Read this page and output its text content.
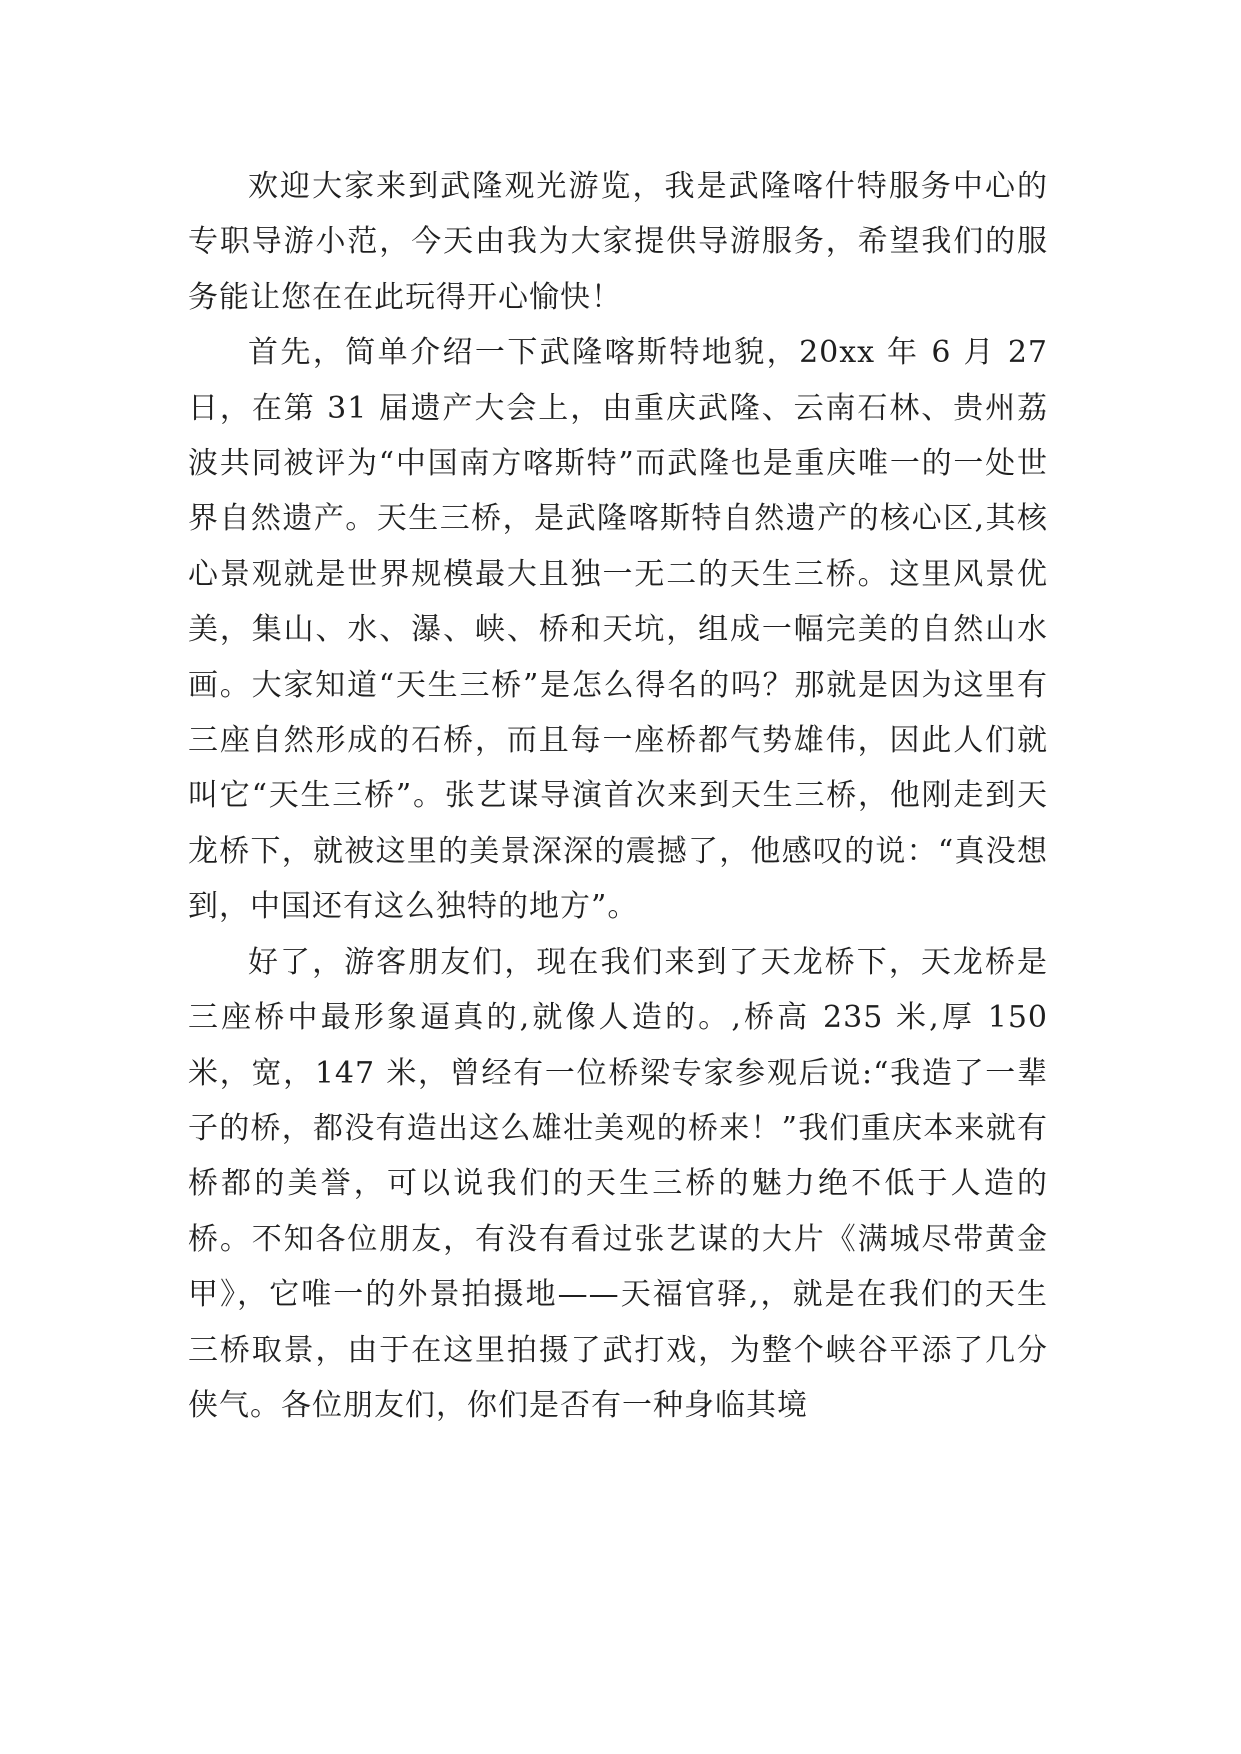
欢迎大家来到武隆观光游览，我是武隆喀什特服务中心的专职导游小范，今天由我为大家提供导游服务，希望我们的服务能让您在在此玩得开心愉快！

首先，简单介绍一下武隆喀斯特地貌，20xx 年 6 月 27 日，在第 31 届遗产大会上，由重庆武隆、云南石林、贵州荔波共同被评为“中国南方喀斯特”而武隆也是重庆唯一的一处世界自然遗产。天生三桥，是武隆喀斯特自然遗产的核心区,其核心景观就是世界规模最大且独一无二的天生三桥。这里风景优美，集山、水、瀑、峡、桥和天坑，组成一幅完美的自然山水画。大家知道“天生三桥”是怎么得名的吗？那就是因为这里有三座自然形成的石桥，而且每一座桥都气势雄伟，因此人们就叫它“天生三桥”。张艺谋导演首次来到天生三桥，他刚走到天龙桥下，就被这里的美景深深的震撼了，他感叹的说：“真没想到，中国还有这么独特的地方”。

好了，游客朋友们，现在我们来到了天龙桥下，天龙桥是三座桥中最形象逼真的,就像人造的。,桥高 235 米,厚 150 米，宽，147 米，曾经有一位桥梁专家参观后说:“我造了一辈子的桥，都没有造出这么雄壮美观的桥来！”我们重庆本来就有桥都的美誉，可以说我们的天生三桥的魅力绝不低于人造的桥。不知各位朋友，有没有看过张艺谋的大片《满城尽带黄金甲》，它唯一的外景拍摄地——天福官驿,，就是在我们的天生三桥取景，由于在这里拍摄了武打戏，为整个峡谷平添了几分侠气。各位朋友们，你们是否有一种身临其境
